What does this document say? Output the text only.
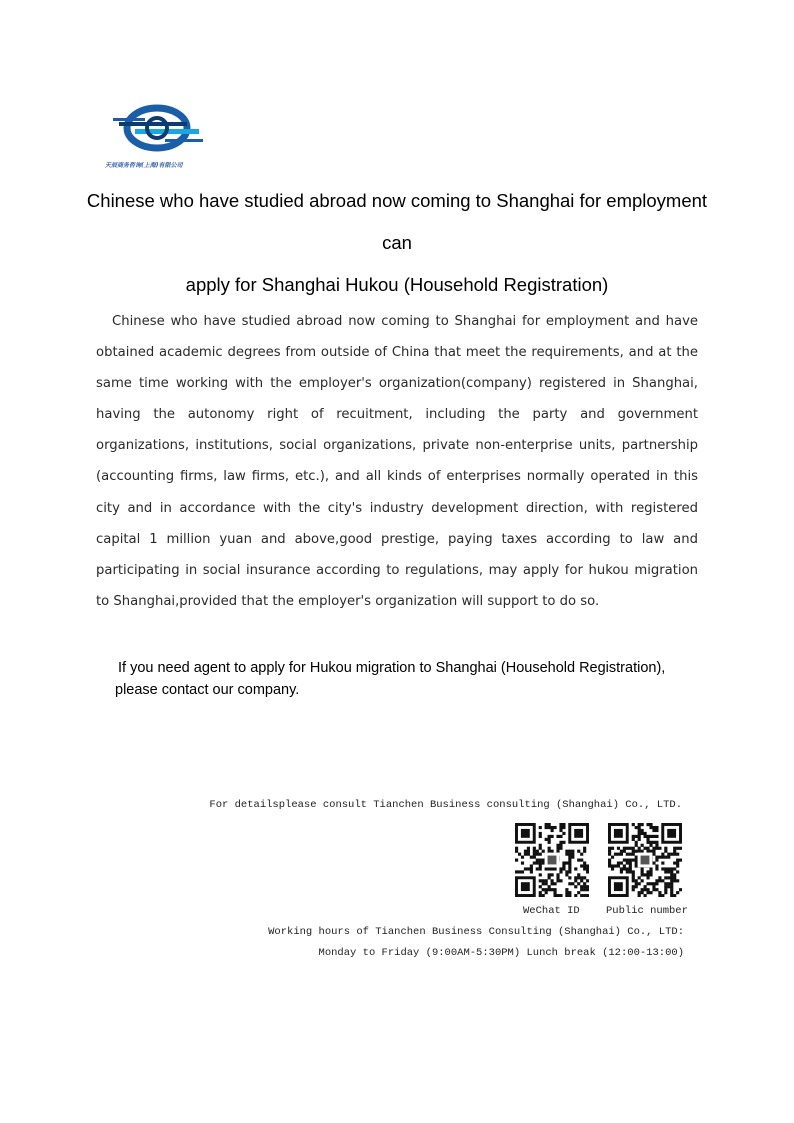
天辰商务咨询(上海)有限公司
Chinese who have studied abroad now coming to Shanghai for employment can
apply for Shanghai Hukou (Household Registration)

Chinese who have studied abroad now coming to Shanghai for employment and have obtained academic degrees from outside of China that meet the requirements, and at the same time working with the employer's organization(company) registered in Shanghai, having the autonomy right of recuitment, including the party and government organizations, institutions, social organizations, private non-enterprise units, partnership (accounting firms, law firms, etc.), and all kinds of enterprises normally operated in this city and in accordance with the city's industry development direction, with registered capital 1 million yuan and above,good prestige, paying taxes according to law and participating in social insurance according to regulations, may apply for hukou migration to Shanghai,provided that the employer's organization will support to do so.

If you need agent to apply for Hukou migration to Shanghai (Household Registration),
please contact our company.
For detailsplease consult Tianchen Business consulting (Shanghai) Co., LTD.
WeChat ID	Public number
Working hours of Tianchen Business Consulting (Shanghai) Co., LTD:
Monday to Friday (9:00AM-5:30PM) Lunch break (12:00-13:00)
